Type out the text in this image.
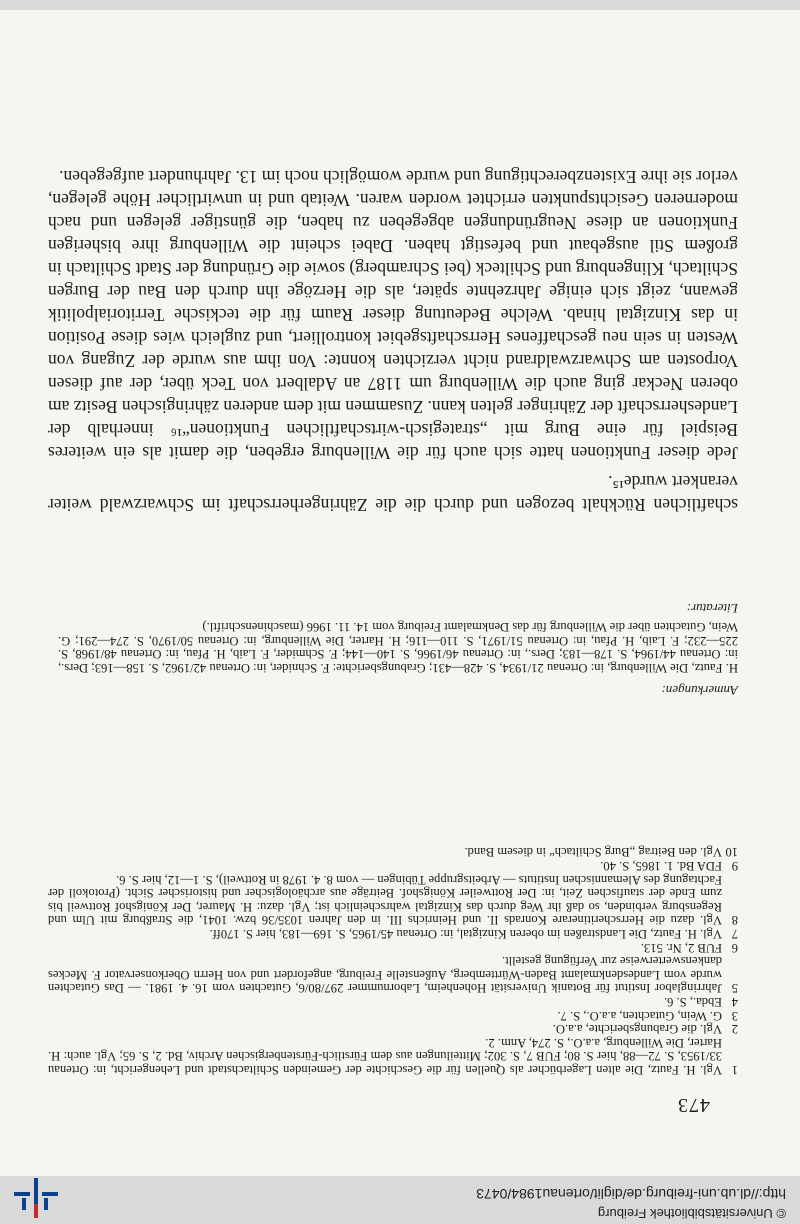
© Universitätsbibliothek Freiburg
http://dl.ub.uni-freiburg.de/diglit/ortenau1984/0473
473
1
Vgl. H. Fautz, Die alten Lagerbücher als Quellen für die Geschichte der Gemeinden Schiltachstadt und Lehengericht, in: Ortenau 33/1953, S. 72—88, hier S. 80; FUB 7, S. 302; Mitteilungen aus dem Fürstlich-Fürstenbergischen Archiv, Bd. 2, S. 65; Vgl. auch: H. Harter, Die Willenburg, a.a.O., S. 274, Anm. 2.
2
Vgl. die Grabungsberichte, a.a.O.
3
G. Wein, Gutachten, a.a.O., S. 7.
4
Ebda., S. 6.
5
Jahrringlabor Institut für Botanik Universität Hohenheim, Labornummer 297/80/6, Gutachten vom 16. 4. 1981. — Das Gutachten wurde vom Landesdenkmalamt Baden-Württemberg, Außenstelle Freiburg, angefordert und von Herrn Oberkonservator F. Meckes dankenswerterweise zur Verfügung gestellt.
6
FUB 2, Nr. 513.
7
Vgl. H. Fautz, Die Landstraßen im oberen Kinzigtal, in: Ortenau 45/1965, S. 169—183, hier S. 170ff.
8
Vgl. dazu die Herrscheritinerare Konrads II. und Heinrichs III. in den Jahren 1035/36 bzw. 1041, die Straßburg mit Ulm und Regensburg verbinden, so daß ihr Weg durch das Kinzigtal wahrscheinlich ist; Vgl. dazu: H. Maurer, Der Königshof Rottweil bis zum Ende der staufischen Zeit, in: Der Rottweiler Königshof. Beiträge aus archäologischer und historischer Sicht. (Protokoll der Fachtagung des Alemannischen Instituts — Arbeitsgruppe Tübingen — vom 8. 4. 1978 in Rottweil), S. 1—12, hier S. 6.
9
FDA Bd. 1. 1865, S. 40.
10
Vgl. den Beitrag „Burg Schiltach“ in diesem Band.
Anmerkungen:
H. Fautz, Die Willenburg, in: Ortenau 21/1934, S. 428—431; Grabungsberichte: F. Schnider, in: Ortenau 42/1962, S. 158—163; Ders., in: Ortenau 44/1964, S. 178—183; Ders., in: Ortenau 46/1966, S. 140—144; F. Schmider, F. Laib, H. Pfau, in: Ortenau 48/1968, S. 225—232; F. Laib, H. Pfau, in: Ortenau 51/1971, S. 110—116; H. Harter, Die Willenburg, in: Ortenau 50/1970, S. 274—291; G. Wein, Gutachten über die Willenburg für das Denkmalamt Freiburg vom 14. 11. 1966 (maschinenschriftl.)
Literatur:

schaftlichen Rückhalt bezogen und durch die die Zähringerherrschaft im Schwarzwald weiter verankert wurde¹⁵.

Jede dieser Funktionen hatte sich auch für die Willenburg ergeben, die damit als ein weiteres Beispiel für eine Burg mit „strategisch-wirtschaftlichen Funktionen“¹⁶ innerhalb der Landesherrschaft der Zähringer gelten kann. Zusammen mit dem anderen zähringischen Besitz am oberen Neckar ging auch die Willenburg um 1187 an Adalbert von Teck über, der auf diesen Vorposten am Schwarzwaldrand nicht verzichten konnte: Von ihm aus wurde der Zugang von Westen in sein neu geschaffenes Herrschaftsgebiet kontrolliert, und zugleich wies diese Position in das Kinzigtal hinab. Welche Bedeutung dieser Raum für die teckische Territorialpolitik gewann, zeigt sich einige Jahrzehnte später, als die Herzöge ihn durch den Bau der Burgen Schiltach, Klingenburg und Schilteck (bei Schramberg) sowie die Gründung der Stadt Schiltach in großem Stil ausgebaut und befestigt haben. Dabei scheint die Willenburg ihre bisherigen Funktionen an diese Neugründungen abgegeben zu haben, die günstiger gelegen und nach moderneren Gesichtspunkten errichtet worden waren. Weitab und in unwirtlicher Höhe gelegen, verlor sie ihre Existenzberechtigung und wurde womöglich noch im 13. Jahrhundert aufgegeben.
